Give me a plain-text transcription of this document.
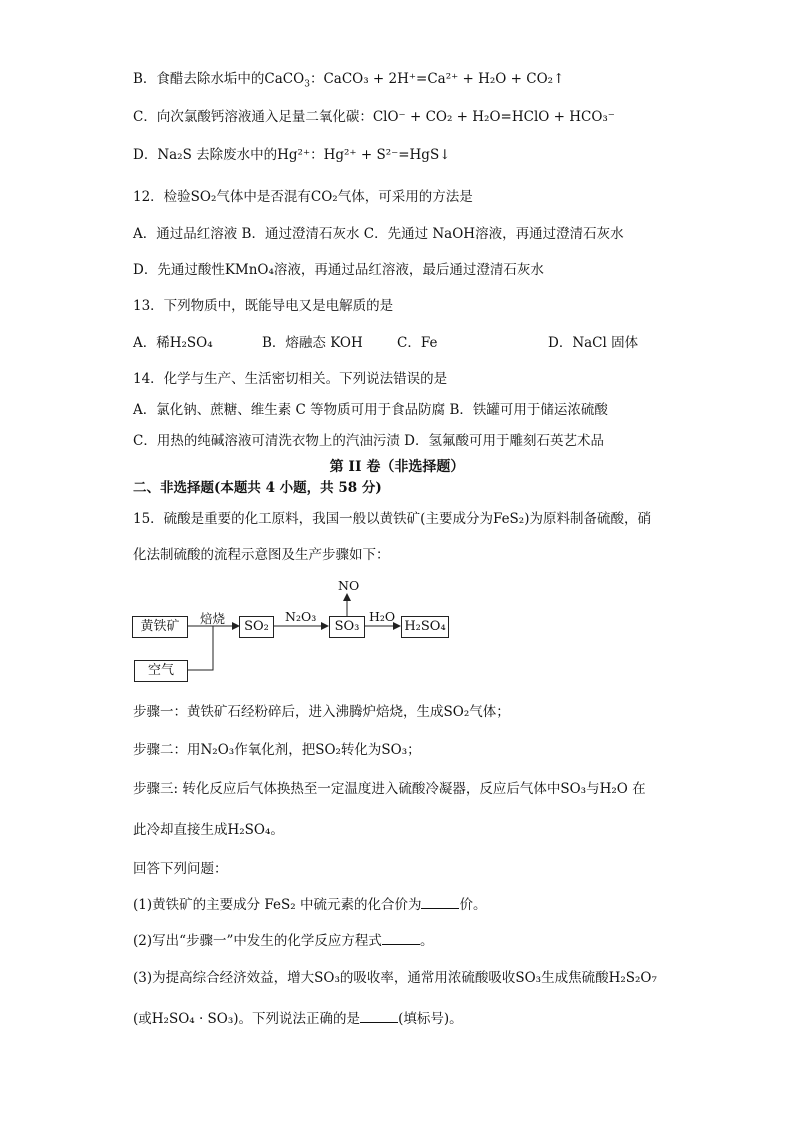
B．食醋去除水垢中的CaCO$_3$：CaCO₃ + 2H⁺=Ca²⁺ + H₂O + CO₂↑
C．向次氯酸钙溶液通入足量二氧化碳：ClO⁻ + CO₂ + H₂O=HClO + HCO₃⁻
D．Na₂S 去除废水中的Hg²⁺：Hg²⁺ + S²⁻=HgS↓
12．检验SO₂气体中是否混有CO₂气体，可采用的方法是
A．通过品红溶液 B．通过澄清石灰水 C．先通过 NaOH溶液，再通过澄清石灰水
D．先通过酸性KMnO₄溶液，再通过品红溶液，最后通过澄清石灰水
13．下列物质中，既能导电又是电解质的是
A．稀H₂SO₄	B．熔融态 KOH	C．Fe	D．NaCl 固体
14．化学与生产、生活密切相关。下列说法错误的是
A．氯化钠、蔗糖、维生素 C 等物质可用于食品防腐 B．铁罐可用于储运浓硫酸
C．用热的纯碱溶液可清洗衣物上的汽油污渍 D．氢氟酸可用于雕刻石英艺术品
第 II 卷（非选择题）
二、非选择题(本题共 4 小题，共 58 分)
15．硫酸是重要的化工原料，我国一般以黄铁矿(主要成分为FeS₂)为原料制备硫酸，硝
化法制硫酸的流程示意图及生产步骤如下：
黄铁矿
空气
焙烧
SO₂
N₂O₃
NO
SO₃
H₂O
H₂SO₄
步骤一：黄铁矿石经粉碎后，进入沸腾炉焙烧，生成SO₂气体；
步骤二：用N₂O₃作氧化剂，把SO₂转化为SO₃；
步骤三: 转化反应后气体换热至一定温度进入硫酸冷凝器，反应后气体中SO₃与H₂O 在
此冷却直接生成H₂SO₄。
回答下列问题：
(1)黄铁矿的主要成分 FeS₂ 中硫元素的化合价为	价。
(2)写出“步骤一”中发生的化学反应方程式	。
(3)为提高综合经济效益，增大SO₃的吸收率，通常用浓硫酸吸收SO₃生成焦硫酸H₂S₂O₇
(或H₂SO₄ · SO₃)。下列说法正确的是	(填标号)。
